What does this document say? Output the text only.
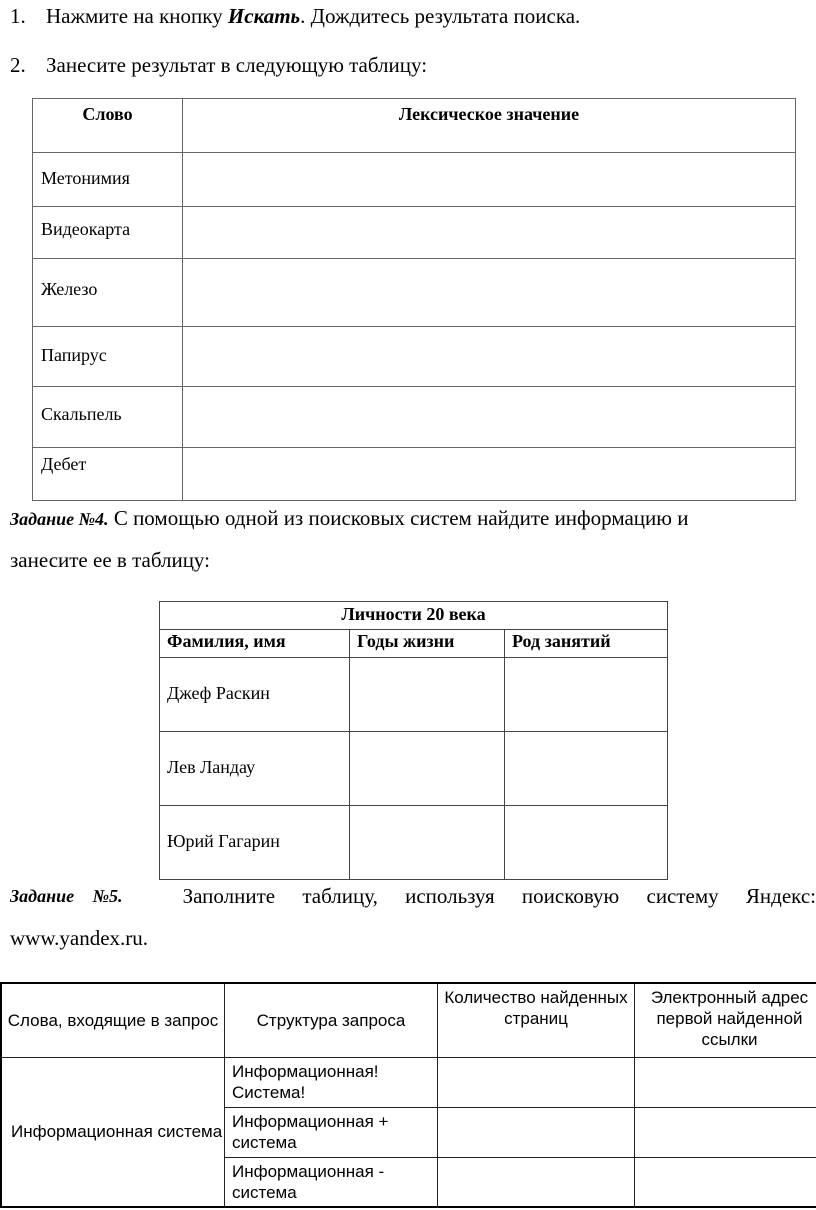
1. Нажмите на кнопку Искать. Дождитесь результата поиска.
2. Занесите результат в следующую таблицу:
Слово	Лексическое значение
Метонимия	
Видеокарта	
Железо	
Папирус	
Скальпель	
Дебет	
Задание №4. С помощью одной из поисковых систем найдите информацию и
занесите ее в таблицу:
Личности 20 века		
Фамилия, имя	Годы жизни	Род занятий
Джеф Раскин		
Лев Ландау		
Юрий Гагарин		
Задание №5.	Заполните таблицу, используя поисковую систему Яндекс:
www.yandex.ru.
Слова, входящие в запрос	Структура запроса	Количество найденных страниц	Электронный адрес первой найденной ссылки
Информационная система	Информационная! Система!		
	Информационная + система		
	Информационная - система		
